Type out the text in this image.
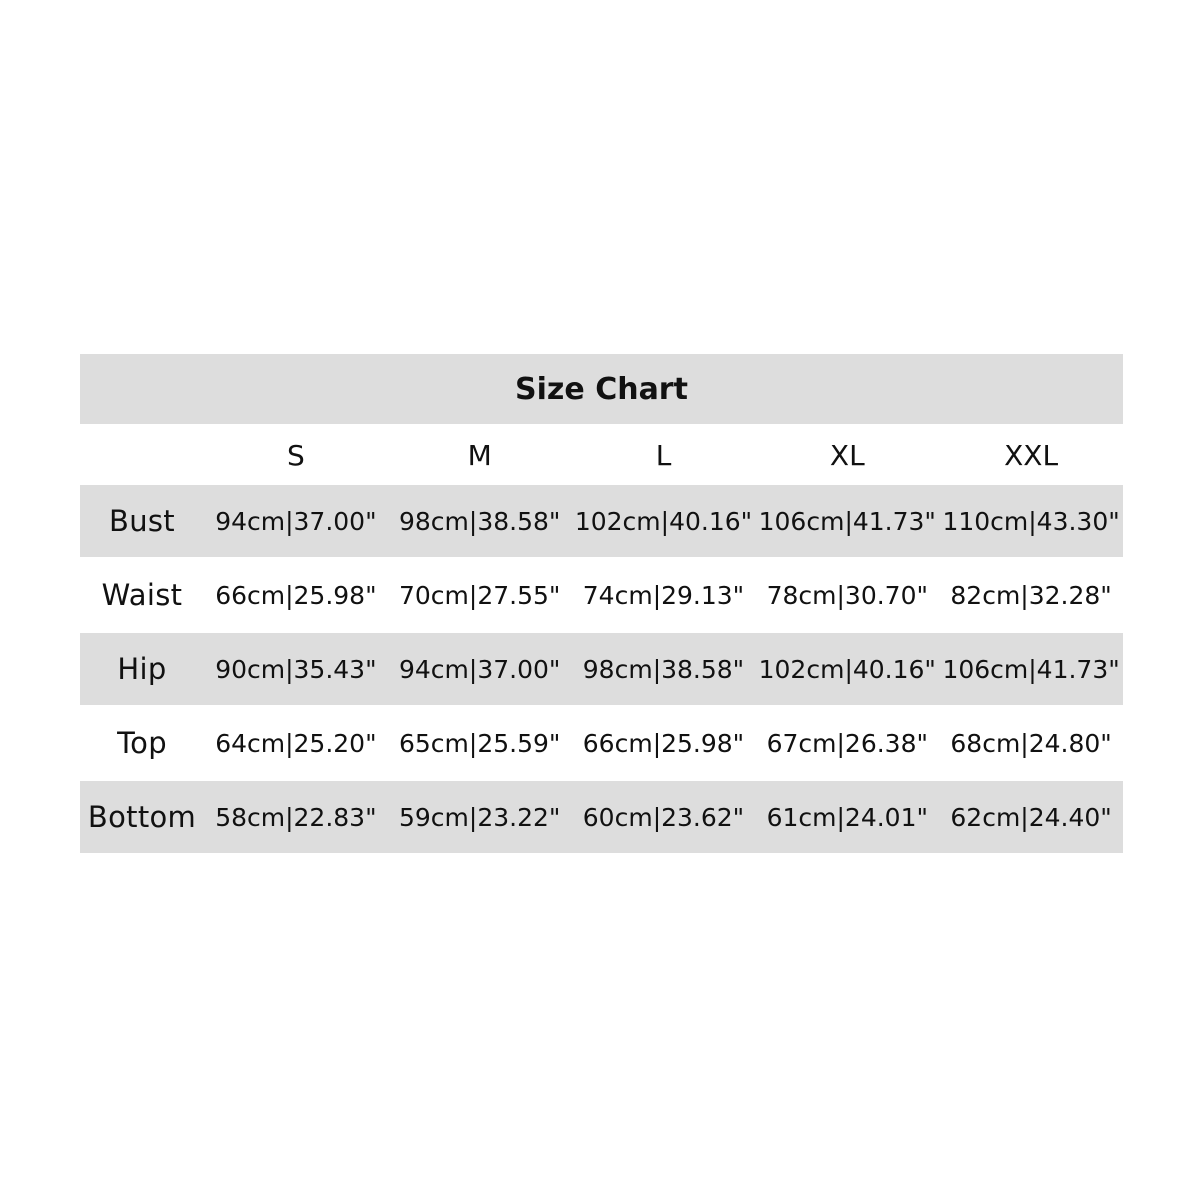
Size Chart					
	S	M	L	XL	XXL
Bust	94cm|37.00"	98cm|38.58"	102cm|40.16"	106cm|41.73"	110cm|43.30"
Waist	66cm|25.98"	70cm|27.55"	74cm|29.13"	78cm|30.70"	82cm|32.28"
Hip	90cm|35.43"	94cm|37.00"	98cm|38.58"	102cm|40.16"	106cm|41.73"
Top	64cm|25.20"	65cm|25.59"	66cm|25.98"	67cm|26.38"	68cm|24.80"
Bottom	58cm|22.83"	59cm|23.22"	60cm|23.62"	61cm|24.01"	62cm|24.40"
